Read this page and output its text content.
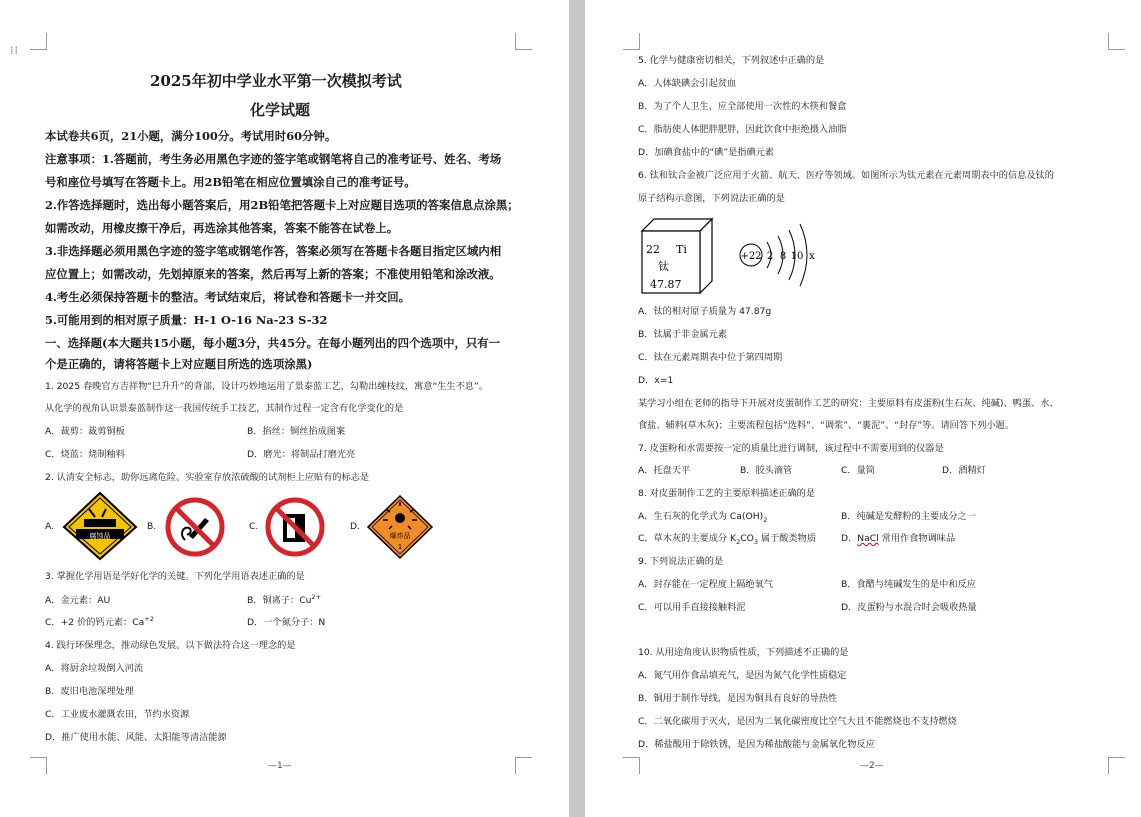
⁞⁞
2025年初中学业水平第一次模拟考试
化学试题
本试卷共6页，21小题，满分100分。考试用时60分钟。
注意事项：1.答题前，考生务必用黑色字迹的签字笔或钢笔将自己的准考证号、姓名、考场
号和座位号填写在答题卡上。用2B铅笔在相应位置填涂自己的准考证号。
2.作答选择题时，选出每小题答案后，用2B铅笔把答题卡上对应题目选项的答案信息点涂黑；
如需改动，用橡皮擦干净后，再选涂其他答案，答案不能答在试卷上。
3.非选择题必须用黑色字迹的签字笔或钢笔作答，答案必须写在答题卡各题目指定区域内相
应位置上；如需改动，先划掉原来的答案，然后再写上新的答案；不准使用铅笔和涂改液。
4.考生必须保持答题卡的整洁。考试结束后，将试卷和答题卡一并交回。
5.可能用到的相对原子质量：H-1 O-16 Na-23 S-32
一、选择题(本大题共15小题，每小题3分，共45分。在每小题列出的四个选项中，只有一
个是正确的，请将答题卡上对应题目所选的选项涂黑)
1. 2025 春晚官方吉祥物“巳升升”的背部，设计巧妙地运用了景泰蓝工艺，勾勒出缠枝纹，寓意“生生不息”。
从化学的视角认识景泰蓝制作这一我国传统手工技艺，其制作过程一定含有化学变化的是
A．裁剪：裁剪铜板	B．掐丝：铜丝掐成图案
C．烧蓝：烧制釉料	D．磨光：将制品打磨光亮
2. 认清安全标志，助你远离危险。实验室存放浓硫酸的试剂柜上应贴有的标志是
A.	B.	C.	D.
腐蚀品	爆炸品
1
3. 掌握化学用语是学好化学的关键。下列化学用语表述正确的是
A．金元素：AU	B．铜离子：$Cu^{2+}$
C．+2 价的钙元素：$Ca^{+2}$	D．一个氮分子：N
4. 践行环保理念，推动绿色发展。以下做法符合这一理念的是
A．将厨余垃圾倒入河流
B．废旧电池深埋处理
C．工业废水灌溉农田，节约水资源
D．推广使用水能、风能、太阳能等清洁能源
—1—
5. 化学与健康密切相关，下列叙述中正确的是
A．人体缺碘会引起贫血
B．为了个人卫生，应全部使用一次性的木筷和餐盒
C．脂肪使人体肥胖肥胖，因此饮食中拒绝摄入油脂
D．加碘食盐中的“碘”是指碘元素
6. 钛和钛合金被广泛应用于火箭、航天、医疗等领域。如图所示为钛元素在元素周期表中的信息及钛的
原子结构示意图，下列说法正确的是
22 Ti
钛
47.87
+22 2 8 10 x
A．钛的相对原子质量为 47.87g
B．钛属于非金属元素
C．钛在元素周期表中位于第四周期
D．x=1
某学习小组在老师的指导下开展对皮蛋制作工艺的研究：主要原料有皮蛋粉(生石灰、纯碱)、鸭蛋、水、
食盐、辅料(草木灰)；主要流程包括“选料”、“调浆”、“裹泥”、“封存”等。请回答下列小题。
7. 皮蛋粉和水需要按一定的质量比进行调制，该过程中不需要用到的仪器是
A．托盘天平	B．胶头滴管	C．量筒	D．酒精灯
8. 对皮蛋制作工艺的主要原料描述正确的是
A．生石灰的化学式为 $Ca(OH)_2$	B．纯碱是发酵粉的主要成分之一
C．草木灰的主要成分 $K_2CO_3$ 属于酸类物质	D．NaCl 常用作食物调味品
9. 下列说法正确的是
A．封存能在一定程度上隔绝氧气	B．食醋与纯碱发生的是中和反应
C．可以用手直接接触料泥	D．皮蛋粉与水混合时会吸收热量
10. 从用途角度认识物质性质，下列描述不正确的是
A．氮气用作食品填充气，是因为氮气化学性质稳定
B．铜用于制作导线，是因为铜具有良好的导热性
C．二氧化碳用于灭火，是因为二氧化碳密度比空气大且不能燃烧也不支持燃烧
D．稀盐酸用于除铁锈，是因为稀盐酸能与金属氧化物反应
—2—
